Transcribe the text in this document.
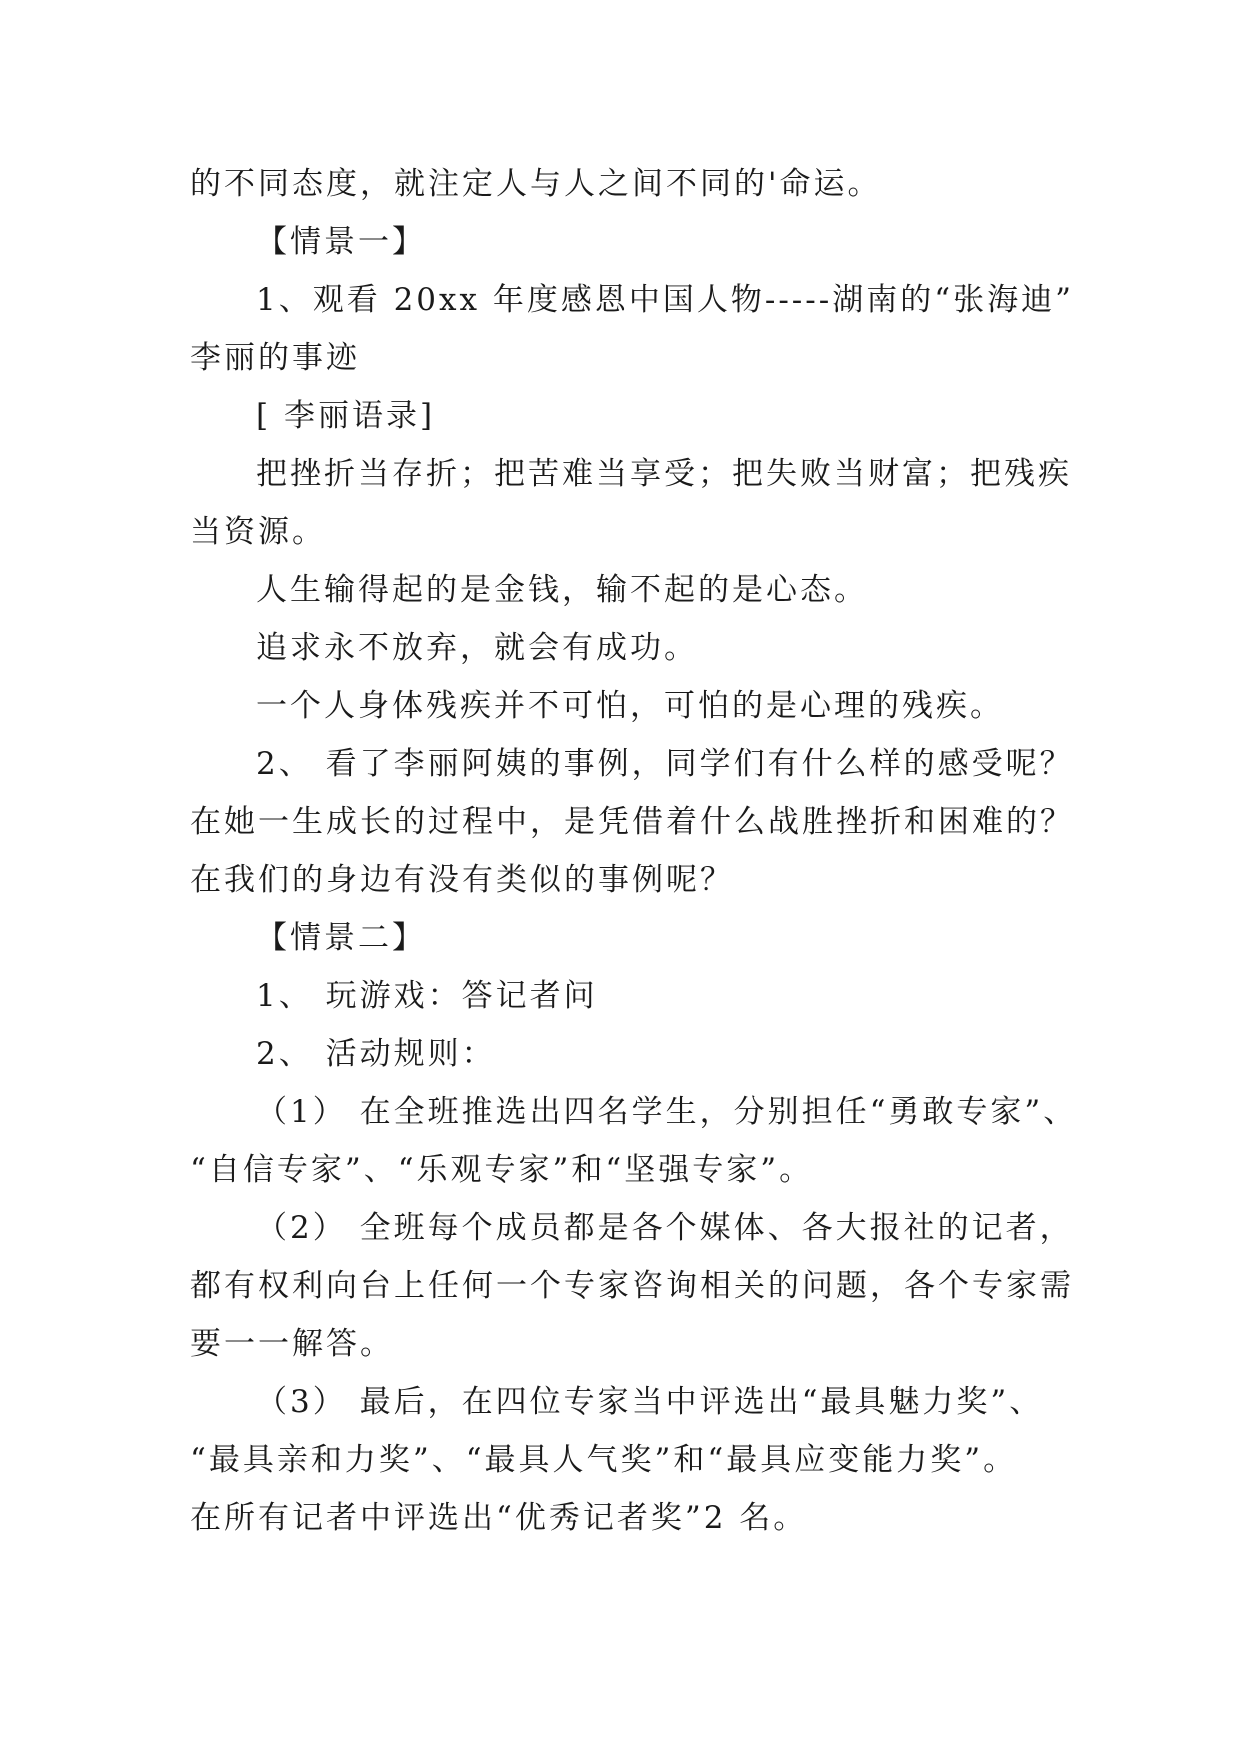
的不同态度，就注定人与人之间不同的'命运。
【情景一】
1、观看 20xx 年度感恩中国人物-----湖南的“张海迪”
李丽的事迹
[ 李丽语录]
把挫折当存折；把苦难当享受；把失败当财富；把残疾
当资源。
人生输得起的是金钱，输不起的是心态。
追求永不放弃，就会有成功。
一个人身体残疾并不可怕，可怕的是心理的残疾。
2、 看了李丽阿姨的事例，同学们有什么样的感受呢？
在她一生成长的过程中，是凭借着什么战胜挫折和困难的？
在我们的身边有没有类似的事例呢？
【情景二】
1、 玩游戏：答记者问
2、 活动规则：
（1） 在全班推选出四名学生，分别担任“勇敢专家”、
“自信专家”、“乐观专家”和“坚强专家”。
（2） 全班每个成员都是各个媒体、各大报社的记者，
都有权利向台上任何一个专家咨询相关的问题，各个专家需
要一一解答。
（3） 最后，在四位专家当中评选出“最具魅力奖”、
“最具亲和力奖”、“最具人气奖”和“最具应变能力奖”。
在所有记者中评选出“优秀记者奖”2 名。
